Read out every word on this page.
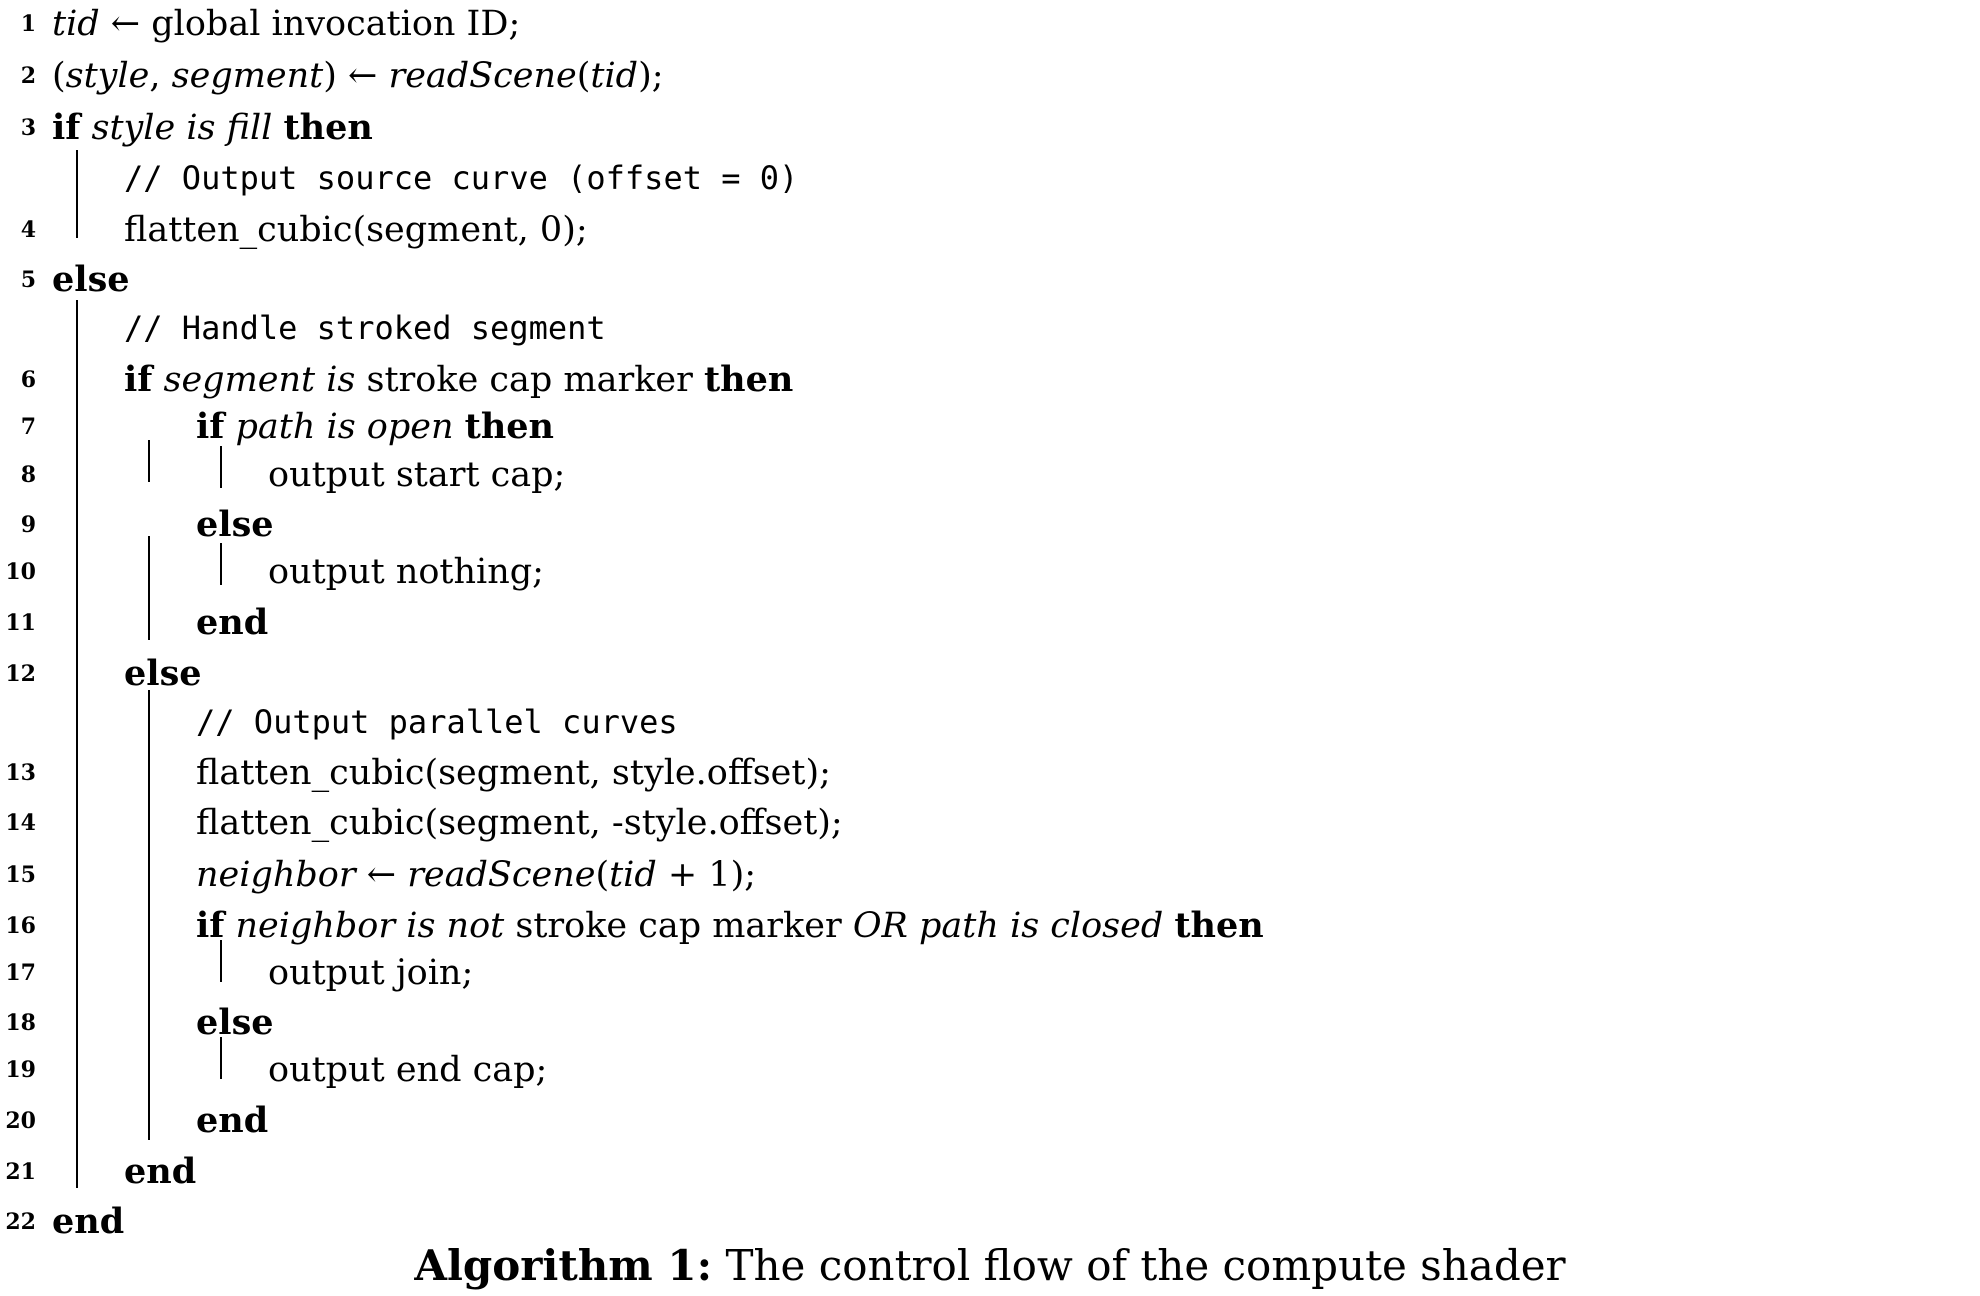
1
2
3
4
5
6
7
8
9
10
11
12
13
14
15
16
17
18
19
20
21
22
tid ← global invocation ID;
(style, segment) ← readScene(tid);
if style is fill then
// Output source curve (offset = 0)
flatten_cubic(segment, 0);
else
// Handle stroked segment
if segment is stroke cap marker then
if path is open then
output start cap;
else
output nothing;
end
else
// Output parallel curves
flatten_cubic(segment, style.offset);
flatten_cubic(segment, -style.offset);
neighbor ← readScene(tid + 1);
if neighbor is not stroke cap marker OR path is closed then
output join;
else
output end cap;
end
end
end
Algorithm 1: The control flow of the compute shader
